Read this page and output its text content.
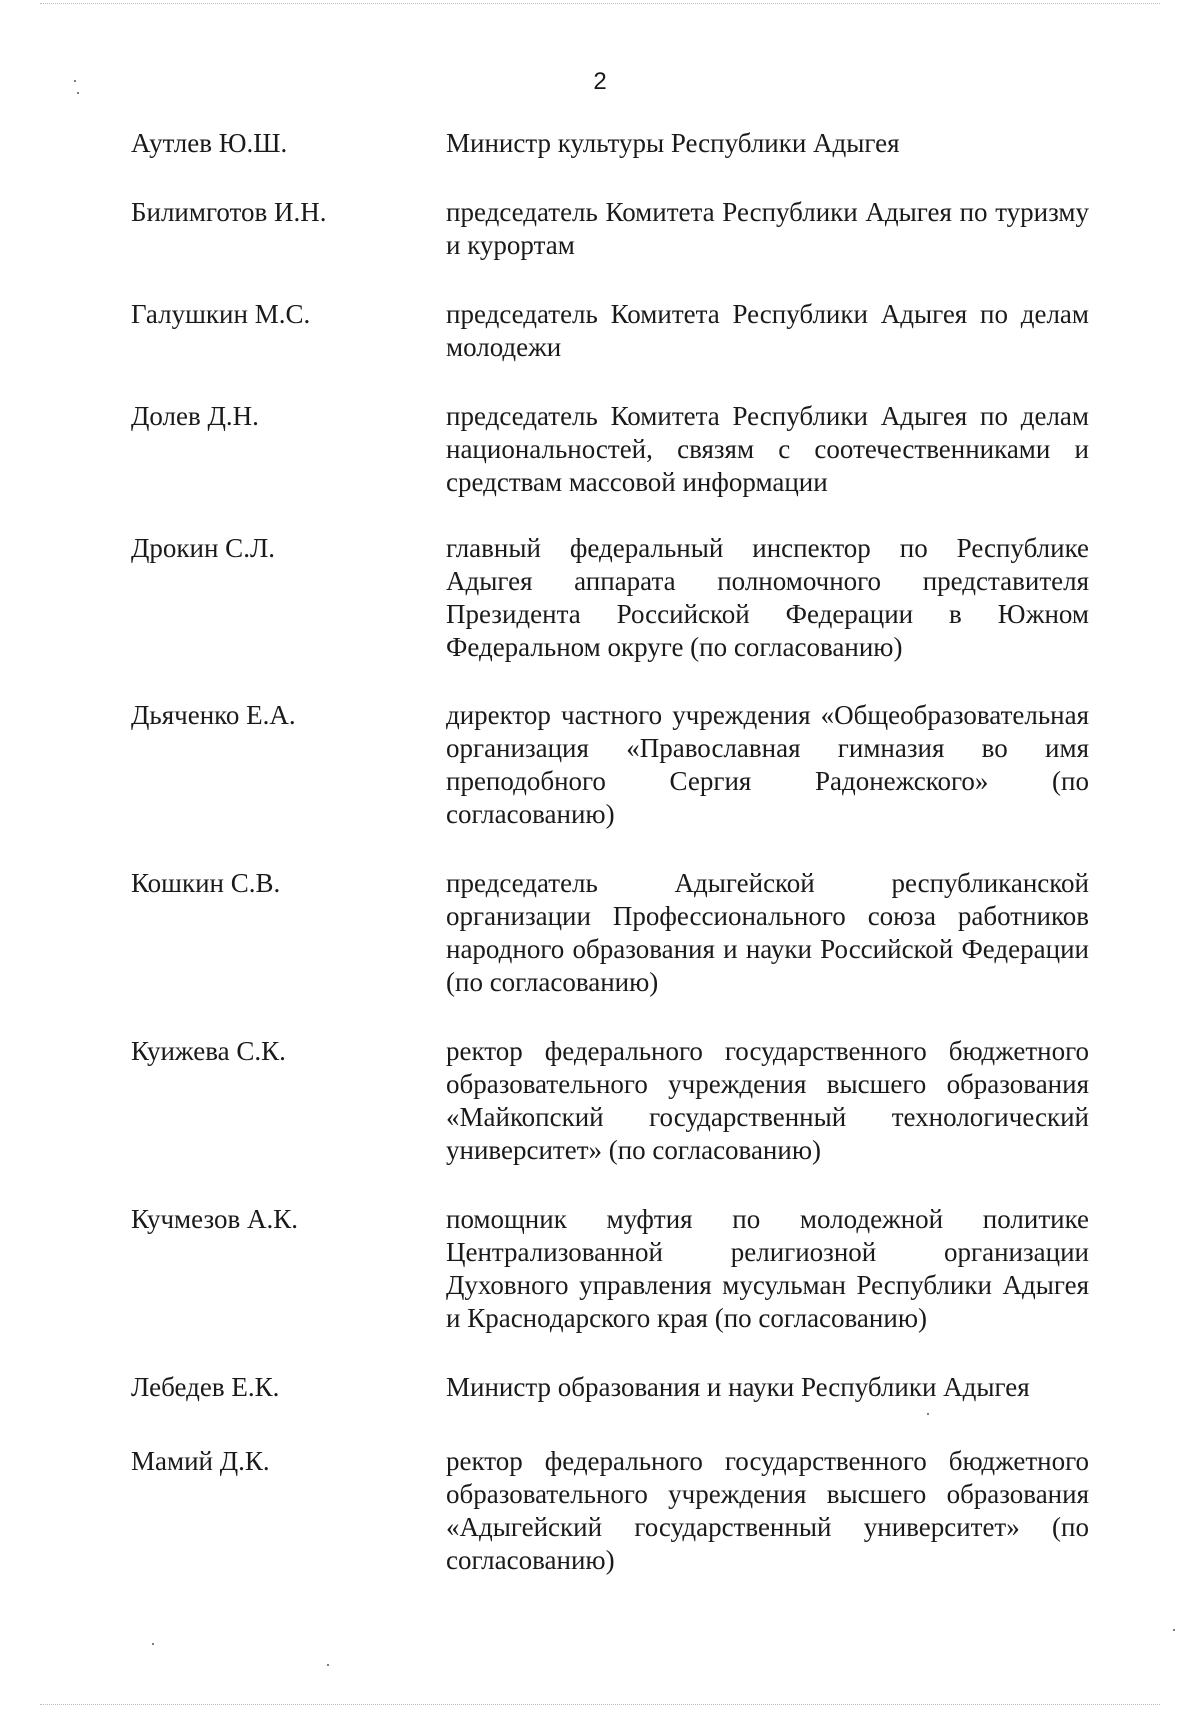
2
Аутлев Ю.Ш.	Министр культуры Республики Адыгея
Билимготов И.Н.	председатель Комитета Республики Адыгея по туризму и курортам
Галушкин М.С.	председатель Комитета Республики Адыгея по делам молодежи
Долев Д.Н.	председатель Комитета Республики Адыгея по делам национальностей, связям с соотечественниками и средствам массовой информации
Дрокин С.Л.	главный федеральный инспектор по Республике Адыгея аппарата полномочного представителя Президента Российской Федерации в Южном Федеральном округе (по согласованию)
Дьяченко Е.А.	директор частного учреждения «Общеобразовательная организация «Православная гимназия во имя преподобного Сергия Радонежского» (по согласованию)
Кошкин С.В.	председатель Адыгейской республиканской организации Профессионального союза работников народного образования и науки Российской Федерации (по согласованию)
Куижева С.К.	ректор федерального государственного бюджетного образовательного учреждения высшего образования «Майкопский государственный технологический университет» (по согласованию)
Кучмезов А.К.	помощник муфтия по молодежной политике Централизованной религиозной организации Духовного управления мусульман Республики Адыгея и Краснодарского края (по согласованию)
Лебедев Е.К.	Министр образования и науки Республики Адыгея
Мамий Д.К.	ректор федерального государственного бюджетного образовательного учреждения высшего образования «Адыгейский государственный университет» (по согласованию)
